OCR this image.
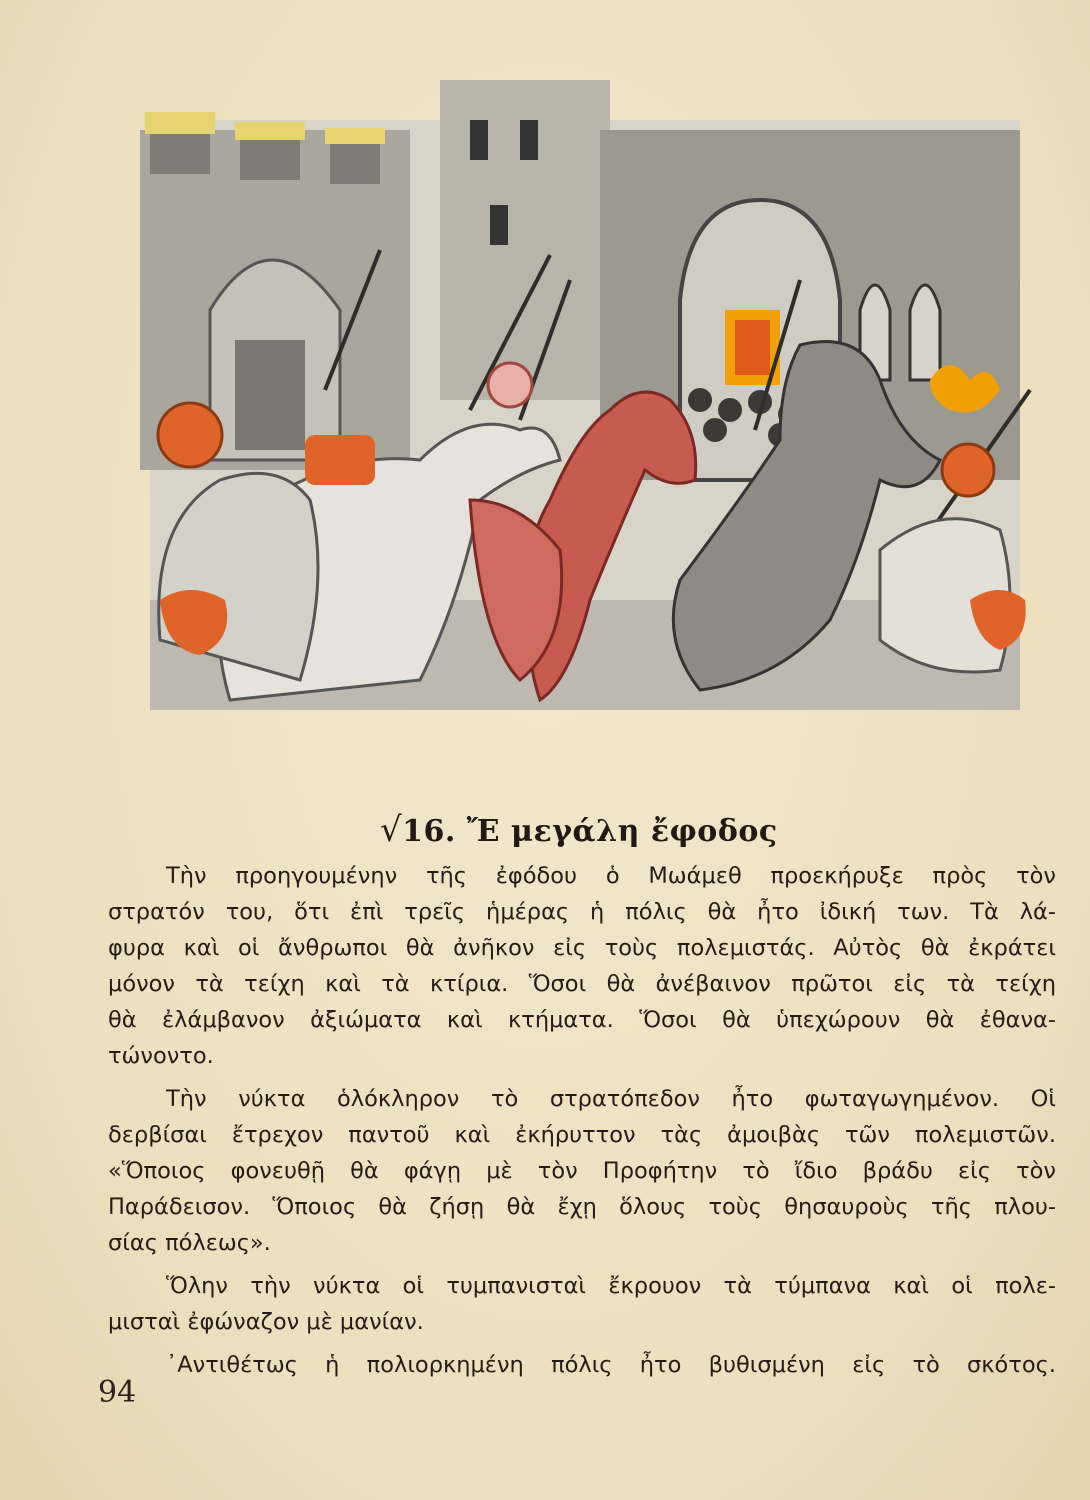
√16. Ἔ μεγάλη ἔφοδος
Τὴν προηγουμένην τῆς ἐφόδου ὁ Μωάμεθ προεκήρυξε πρὸς τὸν
στρατόν του, ὅτι ἐπὶ τρεῖς ἡμέρας ἡ πόλις θὰ ἦτο ἰδική των. Τὰ λά-
φυρα καὶ οἱ ἄνθρωποι θὰ ἀνῆκον εἰς τοὺς πολεμιστάς. Αὐτὸς θὰ ἐκράτει
μόνον τὰ τείχη καὶ τὰ κτίρια. Ὅσοι θὰ ἀνέβαινον πρῶτοι εἰς τὰ τείχη
θὰ ἐλάμβανον ἀξιώματα καὶ κτήματα. Ὅσοι θὰ ὑπεχώρουν θὰ ἐθανα-
τώνοντο.
Τὴν νύκτα ὁλόκληρον τὸ στρατόπεδον ἦτο φωταγωγημένον. Οἱ
δερβίσαι ἔτρεχον παντοῦ καὶ ἐκήρυττον τὰς ἀμοιβὰς τῶν πολεμιστῶν.
«Ὅποιος φονευθῇ θὰ φάγῃ μὲ τὸν Προφήτην τὸ ἴδιο βράδυ εἰς τὸν
Παράδεισον. Ὅποιος θὰ ζήσῃ θὰ ἔχῃ ὅλους τοὺς θησαυροὺς τῆς πλου-
σίας πόλεως».
Ὅλην τὴν νύκτα οἱ τυμπανισταὶ ἔκρουον τὰ τύμπανα καὶ οἱ πολε-
μισταὶ ἐφώναζον μὲ μανίαν.
᾿Αντιθέτως ἡ πολιορκημένη πόλις ἦτο βυθισμένη εἰς τὸ σκότος.
94
